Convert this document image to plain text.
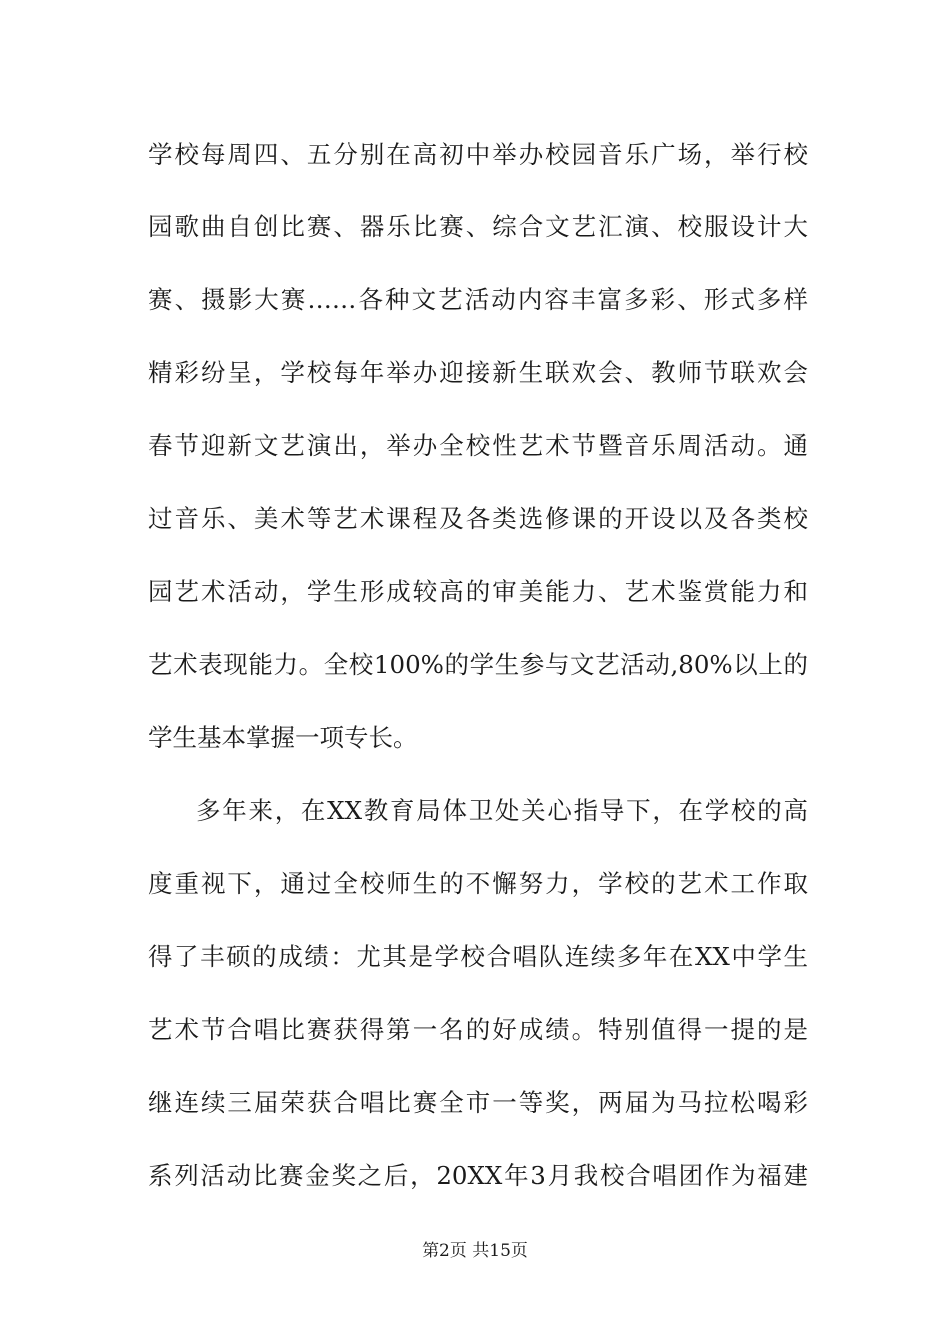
学校每周四、五分别在高初中举办校园音乐广场，举行校
园歌曲自创比赛、器乐比赛、综合文艺汇演、校服设计大
赛、摄影大赛……各种文艺活动内容丰富多彩、形式多样
精彩纷呈，学校每年举办迎接新生联欢会、教师节联欢会
春节迎新文艺演出，举办全校性艺术节暨音乐周活动。通
过音乐、美术等艺术课程及各类选修课的开设以及各类校
园艺术活动，学生形成较高的审美能力、艺术鉴赏能力和
艺术表现能力。全校100%的学生参与文艺活动,80%以上的
学生基本掌握一项专长。
多年来，在XX教育局体卫处关心指导下，在学校的高
度重视下，通过全校师生的不懈努力，学校的艺术工作取
得了丰硕的成绩：尤其是学校合唱队连续多年在XX中学生
艺术节合唱比赛获得第一名的好成绩。特别值得一提的是
继连续三届荣获合唱比赛全市一等奖，两届为马拉松喝彩
系列活动比赛金奖之后，20XX年3月我校合唱团作为福建
第2页 共15页
